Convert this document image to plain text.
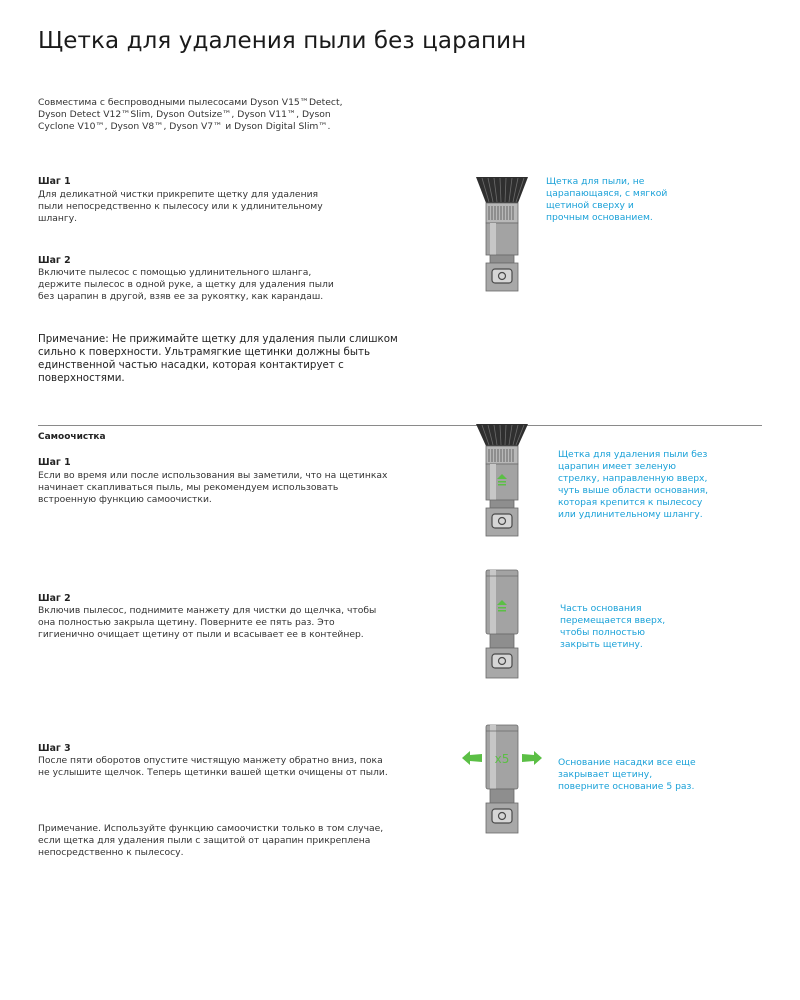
Щетка для удаления пыли без царапин
Совместима с беспроводными пылесосами Dyson V15™Detect, Dyson Detect V12™Slim, Dyson Outsize™, Dyson V11™, Dyson Cyclone V10™, Dyson V8™, Dyson V7™ и Dyson Digital Slim™.
Шаг 1
Для деликатной чистки прикрепите щетку для удаления пыли непосредственно к пылесосу или к удлинительному шлангу.
Шаг 2
Включите пылесос с помощью удлинительного шланга, держите пылесос в одной руке, а щетку для удаления пыли без царапин в другой, взяв ее за рукоятку, как карандаш.
Примечание: Не прижимайте щетку для удаления пыли слишком сильно к поверхности. Ультрамягкие щетинки должны быть единственной частью насадки, которая контактирует с поверхностями.
Щетка для пыли, не царапающаяся, с мягкой щетиной сверху и прочным основанием.
Самоочистка
Шаг 1
Если во время или после использования вы заметили, что на щетинках начинает скапливаться пыль, мы рекомендуем использовать встроенную функцию самоочистки.
Щетка для удаления пыли без царапин имеет зеленую стрелку, направленную вверх, чуть выше области основания, которая крепится к пылесосу или удлинительному шлангу.
Шаг 2
Включив пылесос, поднимите манжету для чистки до щелчка, чтобы она полностью закрыла щетину. Поверните ее пять раз. Это гигиенично очищает щетину от пыли и всасывает ее в контейнер.
Часть основания перемещается вверх, чтобы полностью закрыть щетину.
Шаг 3
После пяти оборотов опустите чистящую манжету обратно вниз, пока не услышите щелчок. Теперь щетинки вашей щетки очищены от пыли.
Основание насадки все еще закрывает щетину, поверните основание 5 раз.
x5
Примечание. Используйте функцию самоочистки только в том случае, если щетка для удаления пыли с защитой от царапин прикреплена непосредственно к пылесосу.
